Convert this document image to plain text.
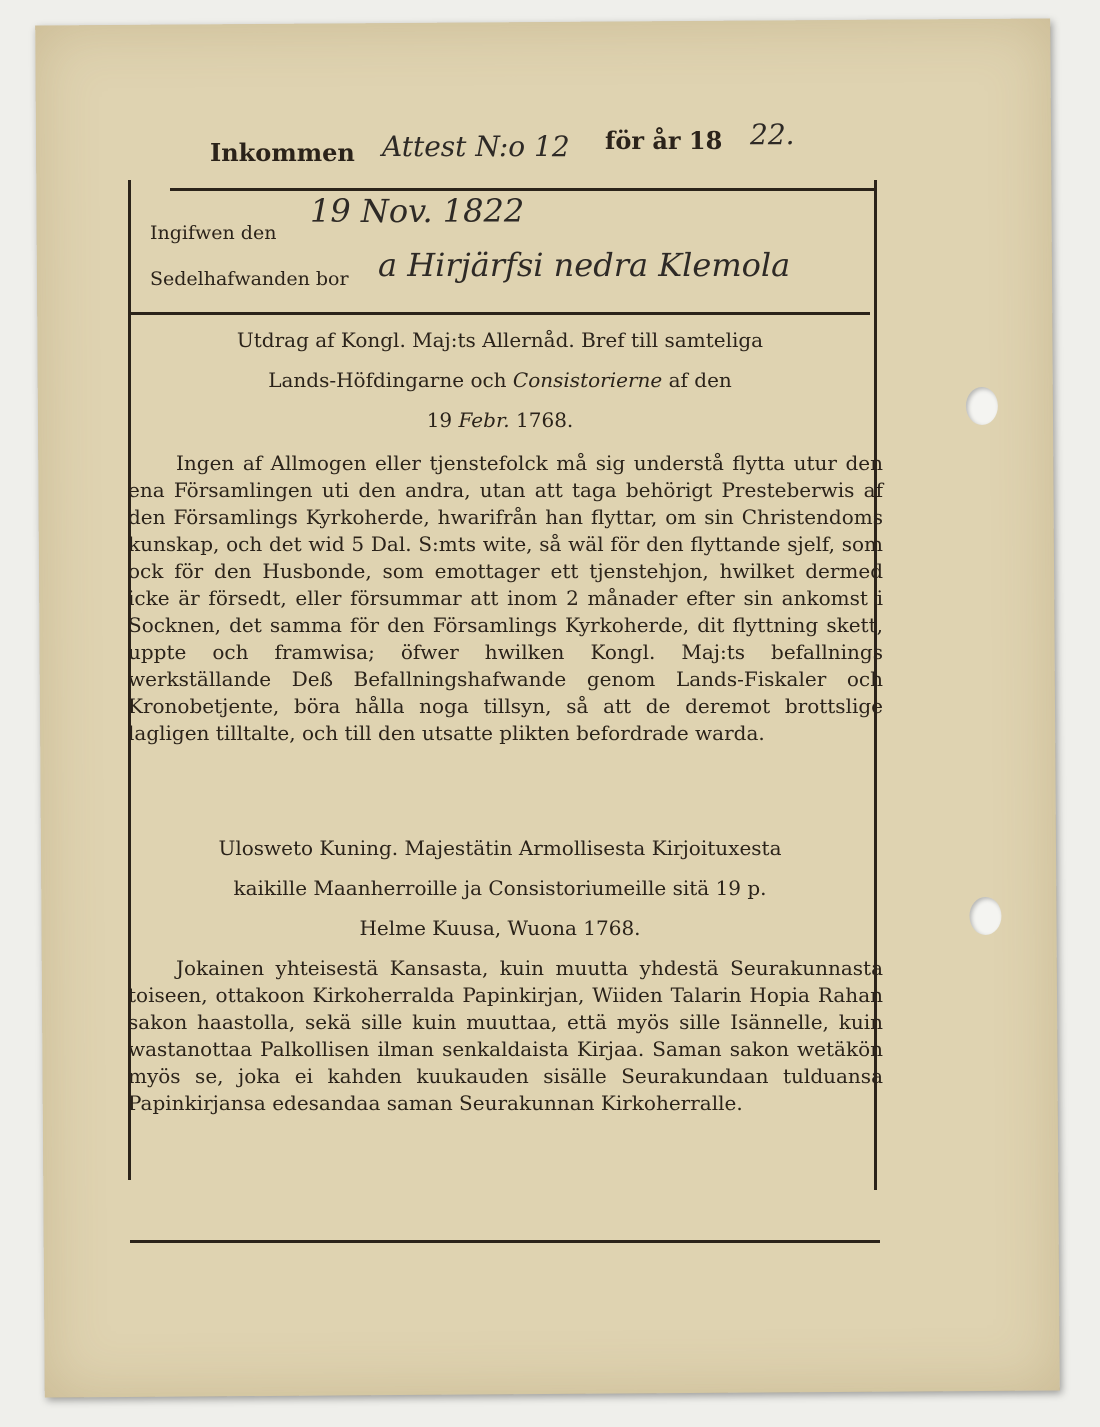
Inkommen Attest N:o 12 för år 18 22.
Ingifwen den
19 Nov. 1822
Sedelhafwanden bor a Hirjärfsi nedra Klemola
Utdrag af Kongl. Maj:ts Allernåd. Bref till samteliga
Lands-Höfdingarne och Consistorierne af den
19 Febr. 1768.

Ingen af Allmogen eller tjenstefolck må sig understå flytta utur den ena Församlingen uti den andra, utan att taga behörigt Presteberwis af den Församlings Kyrkoherde, hwarifrån han flyttar, om sin Christendoms kunskap, och det wid 5 Dal. S:mts wite, så wäl för den flyttande sjelf, som ock för den Husbonde, som emottager ett tjenstehjon, hwilket dermed icke är försedt, eller försummar att inom 2 månader efter sin ankomst i Socknen, det samma för den Församlings Kyrkoherde, dit flyttning skett, uppte och framwisa; öfwer hwilken Kongl. Maj:ts befallnings werkställande Deß Befallningshafwande genom Lands-Fiskaler och Kronobetjente, böra hålla noga tillsyn, så att de deremot brottslige lagligen tilltalte, och till den utsatte plikten befordrade warda.

Ulosweto Kuning. Majestätin Armollisesta Kirjoituxesta
kaikille Maanherroille ja Consistoriumeille sitä 19 p.
Helme Kuusa, Wuona 1768.

Jokainen yhteisestä Kansasta, kuin muutta yhdestä Seurakunnasta toiseen, ottakoon Kirkoherralda Papinkirjan, Wiiden Talarin Hopia Rahan sakon haastolla, sekä sille kuin muuttaa, että myös sille Isännelle, kuin wastanottaa Palkollisen ilman senkaldaista Kirjaa. Saman sakon wetäkön myös se, joka ei kahden kuukauden sisälle Seurakundaan tulduansa Papinkirjansa edesandaa saman Seurakunnan Kirkoherralle.
